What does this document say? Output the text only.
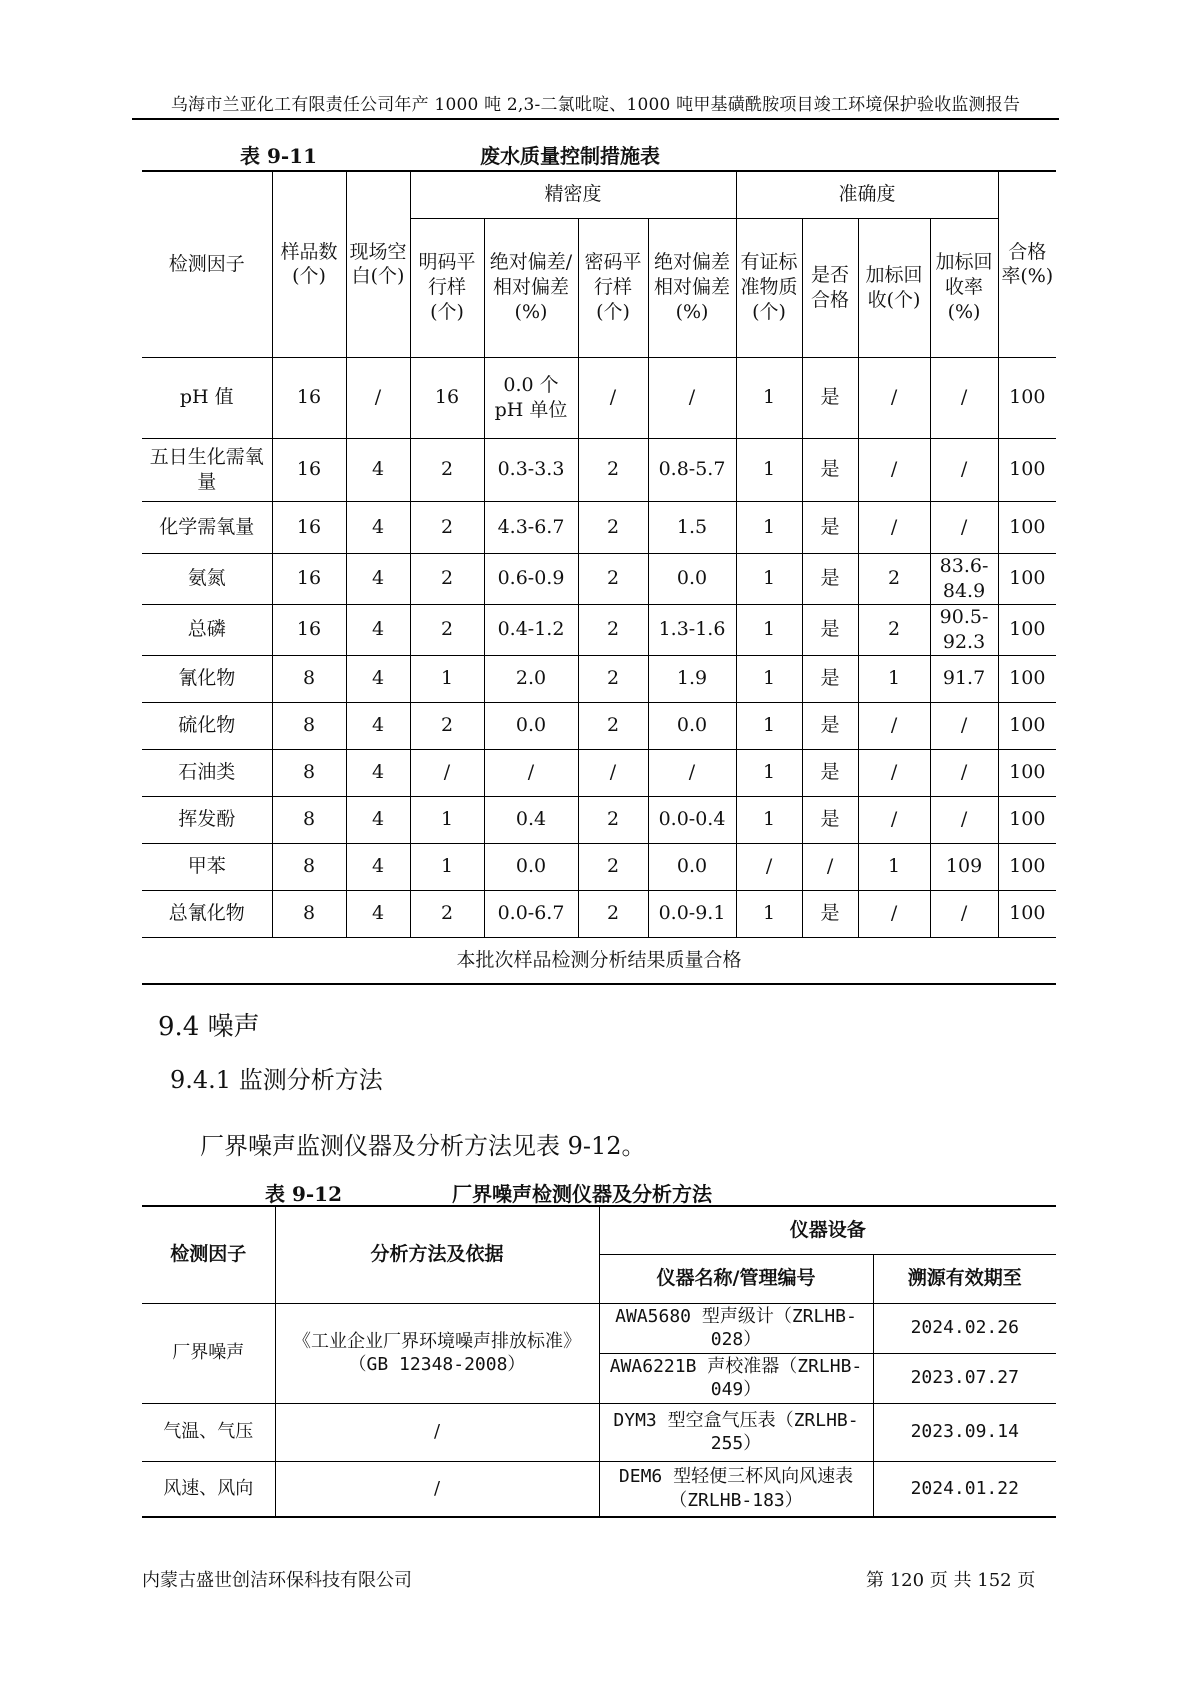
乌海市兰亚化工有限责任公司年产 1000 吨 2,3-二氯吡啶、1000 吨甲基磺酰胺项目竣工环境保护验收监测报告
表 9-11	废水质量控制措施表
检测因子	样品数(个)	现场空白(个)	精密度				准确度				合格率(%)
			明码平行样(个)	绝对偏差/相对偏差(%)	密码平行样(个)	绝对偏差相对偏差(%)	有证标准物质(个)	是否合格	加标回收(个)	加标回收率(%)	
pH 值	16	/	16	0.0 个 pH 单位	/	/	1	是	/	/	100
五日生化需氧量	16	4	2	0.3-3.3	2	0.8-5.7	1	是	/	/	100
化学需氧量	16	4	2	4.3-6.7	2	1.5	1	是	/	/	100
氨氮	16	4	2	0.6-0.9	2	0.0	1	是	2	83.6-84.9	100
总磷	16	4	2	0.4-1.2	2	1.3-1.6	1	是	2	90.5-92.3	100
氰化物	8	4	1	2.0	2	1.9	1	是	1	91.7	100
硫化物	8	4	2	0.0	2	0.0	1	是	/	/	100
石油类	8	4	/	/	/	/	1	是	/	/	100
挥发酚	8	4	1	0.4	2	0.0-0.4	1	是	/	/	100
甲苯	8	4	1	0.0	2	0.0	/	/	1	109	100
总氰化物	8	4	2	0.0-6.7	2	0.0-9.1	1	是	/	/	100
本批次样品检测分析结果质量合格											
9.4 噪声
9.4.1 监测分析方法
厂界噪声监测仪器及分析方法见表 9-12。
表 9-12	厂界噪声检测仪器及分析方法
检测因子	分析方法及依据	仪器设备	
		仪器名称/管理编号	溯源有效期至
厂界噪声	《工业企业厂界环境噪声排放标准》（GB 12348-2008）	AWA5680 型声级计（ZRLHB-028）	2024.02.26
		AWA6221B 声校准器（ZRLHB-049）	2023.07.27
气温、气压	/	DYM3 型空盒气压表（ZRLHB-255）	2023.09.14
风速、风向	/	DEM6 型轻便三杯风向风速表（ZRLHB-183）	2024.01.22
内蒙古盛世创洁环保科技有限公司	第 120 页 共 152 页
